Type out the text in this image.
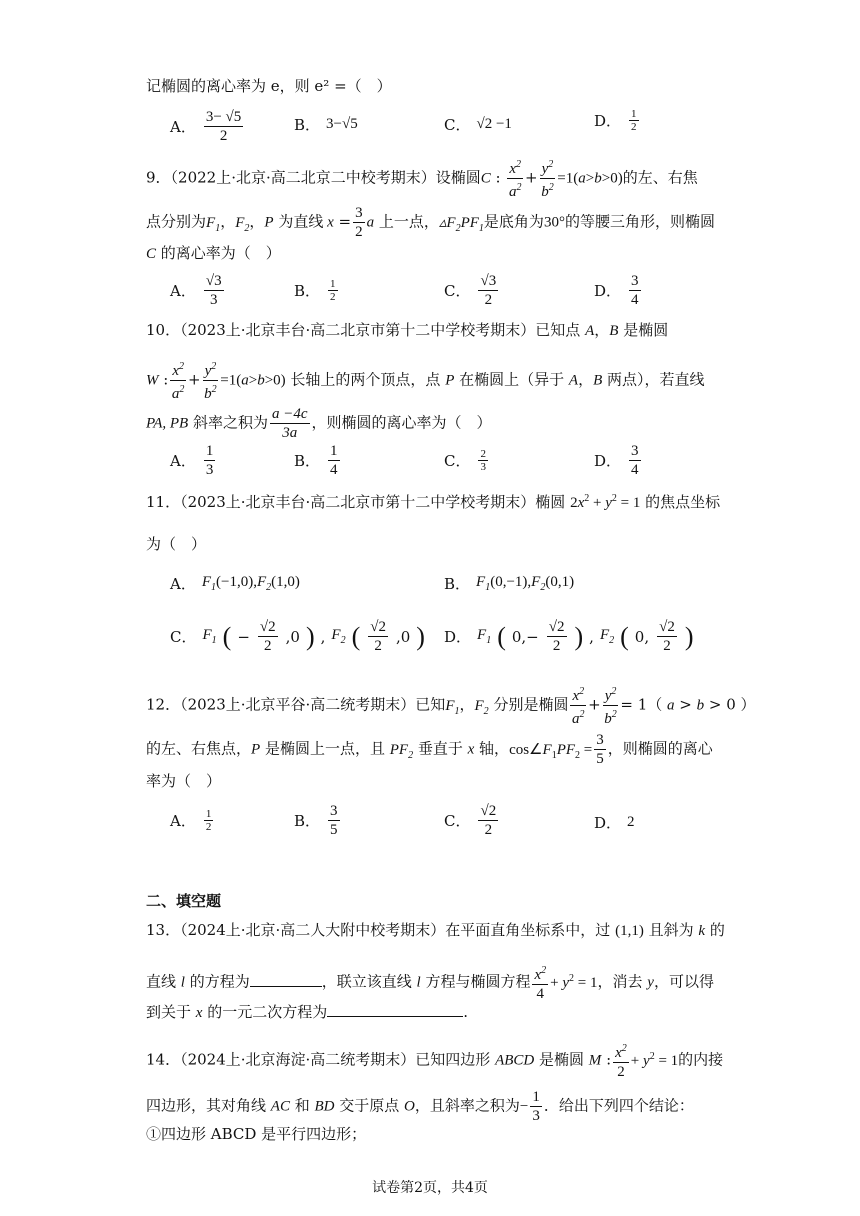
记椭圆的离心率为 e，则 e² =（　）
A． $\frac{3- √5}{2}$	B． 3−√5	C． √2 −1	D． $\frac{1}{2}$
9．（2022上·北京·高二北京二中校考期末）设椭圆C : $\frac{x^2}{a^2} + \frac{y^2}{b^2} =1(a>b>0)$的左、右焦
点分别为$F_1$，$F_2$，P 为直线 $x = \frac{3}{2}$ a 上一点，$▵F_2PF_1$是底角为30°的等腰三角形，则椭圆
C 的离心率为（　）
A． $\frac{√3}{3}$	B． $\frac{1}{2}$	C． $\frac{√3}{2}$	D． $\frac{3}{4}$
10．（2023上·北京丰台·高二北京市第十二中学校考期末）已知点 A，B 是椭圆
W : $\frac{x^2}{a^2} + \frac{y^2}{b^2} =1(a>b>0)$ 长轴上的两个顶点，点 P 在椭圆上（异于 A，B 两点），若直线
PA, PB 斜率之积为 $\frac{a -4c}{3a}$ ，则椭圆的离心率为（　）
A． $\frac{1}{3}$	B． $\frac{1}{4}$	C． $\frac{2}{3}$	D． $\frac{3}{4}$
11．（2023上·北京丰台·高二北京市第十二中学校考期末）椭圆 $2x^2 + y^2 = 1$ 的焦点坐标
为（　）
A． $F_1(-1,0),F_2(1,0)$	B． $F_1(0,-1),F_2(0,1)$
C． $F_1$ ( − $\frac{√2}{2} ,0$ ) , $F_2$ ( $\frac{√2}{2} ,0$ ) D． $F_1$ ( $0,- \frac{√2}{2}$ ) , $F_2$ ( 0, $\frac{√2}{2}$ )
12．（2023上·北京平谷·高二统考期末）已知$F_1$，$F_2$ 分别是椭圆 $\frac{x^2}{a^2} + \frac{y^2}{b^2} = 1$（ a > b > 0 ）
的左、右焦点，P 是椭圆上一点，且 $PF_2$ 垂直于 x 轴，$\cos\angle F_1PF_2 = \frac{3}{5}$ ，则椭圆的离心
率为（　）
A． $\frac{1}{2}$	B． $\frac{3}{5}$	C． $\frac{√2}{2}$	D． 2
二、填空题
13．（2024上·北京·高二人大附中校考期末）在平面直角坐标系中，过 (1,1) 且斜为 k 的
直线 l 的方程为	，联立该直线 l 方程与椭圆方程 $\frac{x^2}{4} + y^2 = 1$，消去 y，可以得
到关于 x 的一元二次方程为	.
14．（2024上·北京海淀·高二统考期末）已知四边形 ABCD 是椭圆 M : $\frac{x^2}{2} + y^2 = 1$的内接
四边形，其对角线 AC 和 BD 交于原点 O，且斜率之积为− $\frac{1}{3}$ ．给出下列四个结论：
①四边形 ABCD 是平行四边形；
试卷第2页，共4页
